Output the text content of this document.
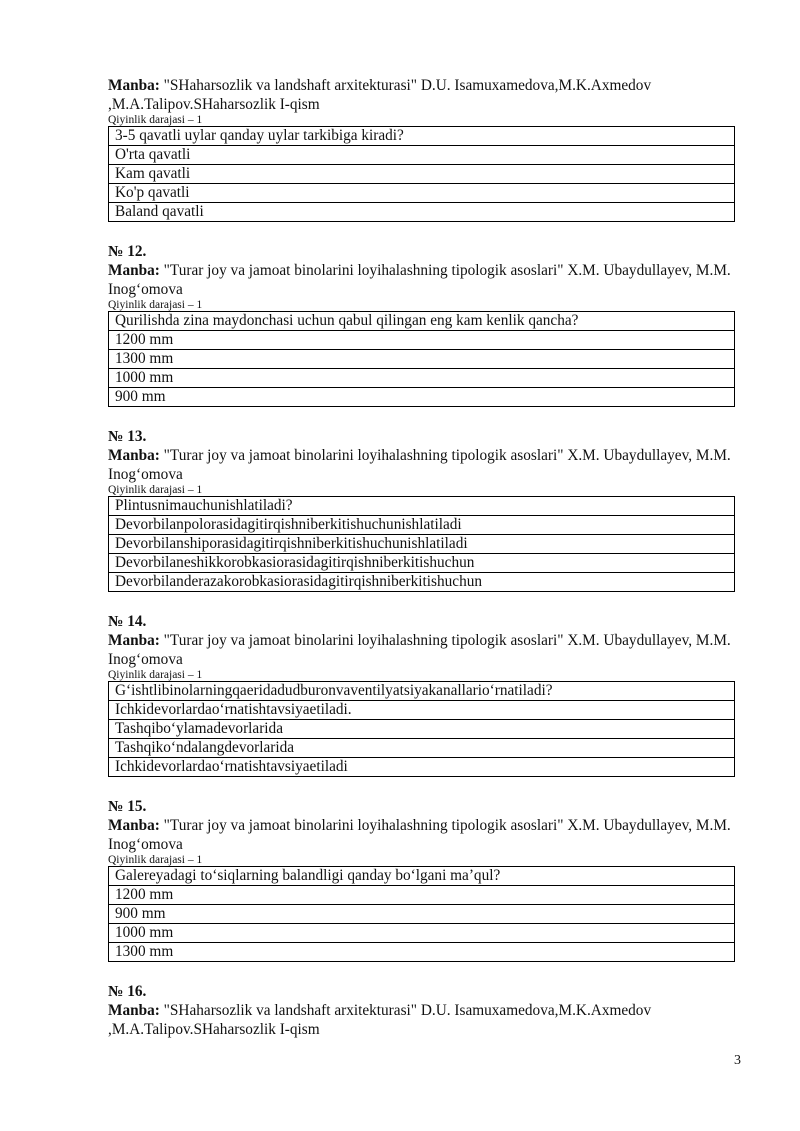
Manba: "SHaharsozlik va landshaft arxitekturasi" D.U. Isamuxamedova,M.K.Axmedov ,M.A.Talipov.SHaharsozlik I-qism

Qiyinlik darajasi – 1

3-5 qavatli uylar qanday uylar tarkibiga kiradi?
O'rta qavatli
Kam qavatli
Ko'p qavatli
Baland qavatli

№ 12.

Manba: "Turar joy va jamoat binolarini loyihalashning tipologik asoslari" X.M. Ubaydullayev, M.M. Inog‘omova

Qiyinlik darajasi – 1

Qurilishda zina maydonchasi uchun qabul qilingan eng kam kenlik qancha?
1200 mm
1300 mm
1000 mm
900 mm

№ 13.

Manba: "Turar joy va jamoat binolarini loyihalashning tipologik asoslari" X.M. Ubaydullayev, M.M. Inog‘omova

Qiyinlik darajasi – 1

Plintusnimauchunishlatiladi?
Devorbilanpolorasidagitirqishniberkitishuchunishlatiladi
Devorbilanshiporasidagitirqishniberkitishuchunishlatiladi
Devorbilaneshikkorobkasiorasidagitirqishniberkitishuchun
Devorbilanderazakorobkasiorasidagitirqishniberkitishuchun

№ 14.

Manba: "Turar joy va jamoat binolarini loyihalashning tipologik asoslari" X.M. Ubaydullayev, M.M. Inog‘omova

Qiyinlik darajasi – 1

G‘ishtlibinolarningqaeridadudburonvaventilyatsiyakanallario‘rnatiladi?
Ichkidevorlardao‘rnatishtavsiyaetiladi.
Tashqibo‘ylamadevorlarida
Tashqiko‘ndalangdevorlarida
Ichkidevorlardao‘rnatishtavsiyaetiladi

№ 15.

Manba: "Turar joy va jamoat binolarini loyihalashning tipologik asoslari" X.M. Ubaydullayev, M.M. Inog‘omova

Qiyinlik darajasi – 1

Galereyadagi to‘siqlarning balandligi qanday bo‘lgani ma’qul?
1200 mm
900 mm
1000 mm
1300 mm

№ 16.

Manba: "SHaharsozlik va landshaft arxitekturasi" D.U. Isamuxamedova,M.K.Axmedov ,M.A.Talipov.SHaharsozlik I-qism

3
